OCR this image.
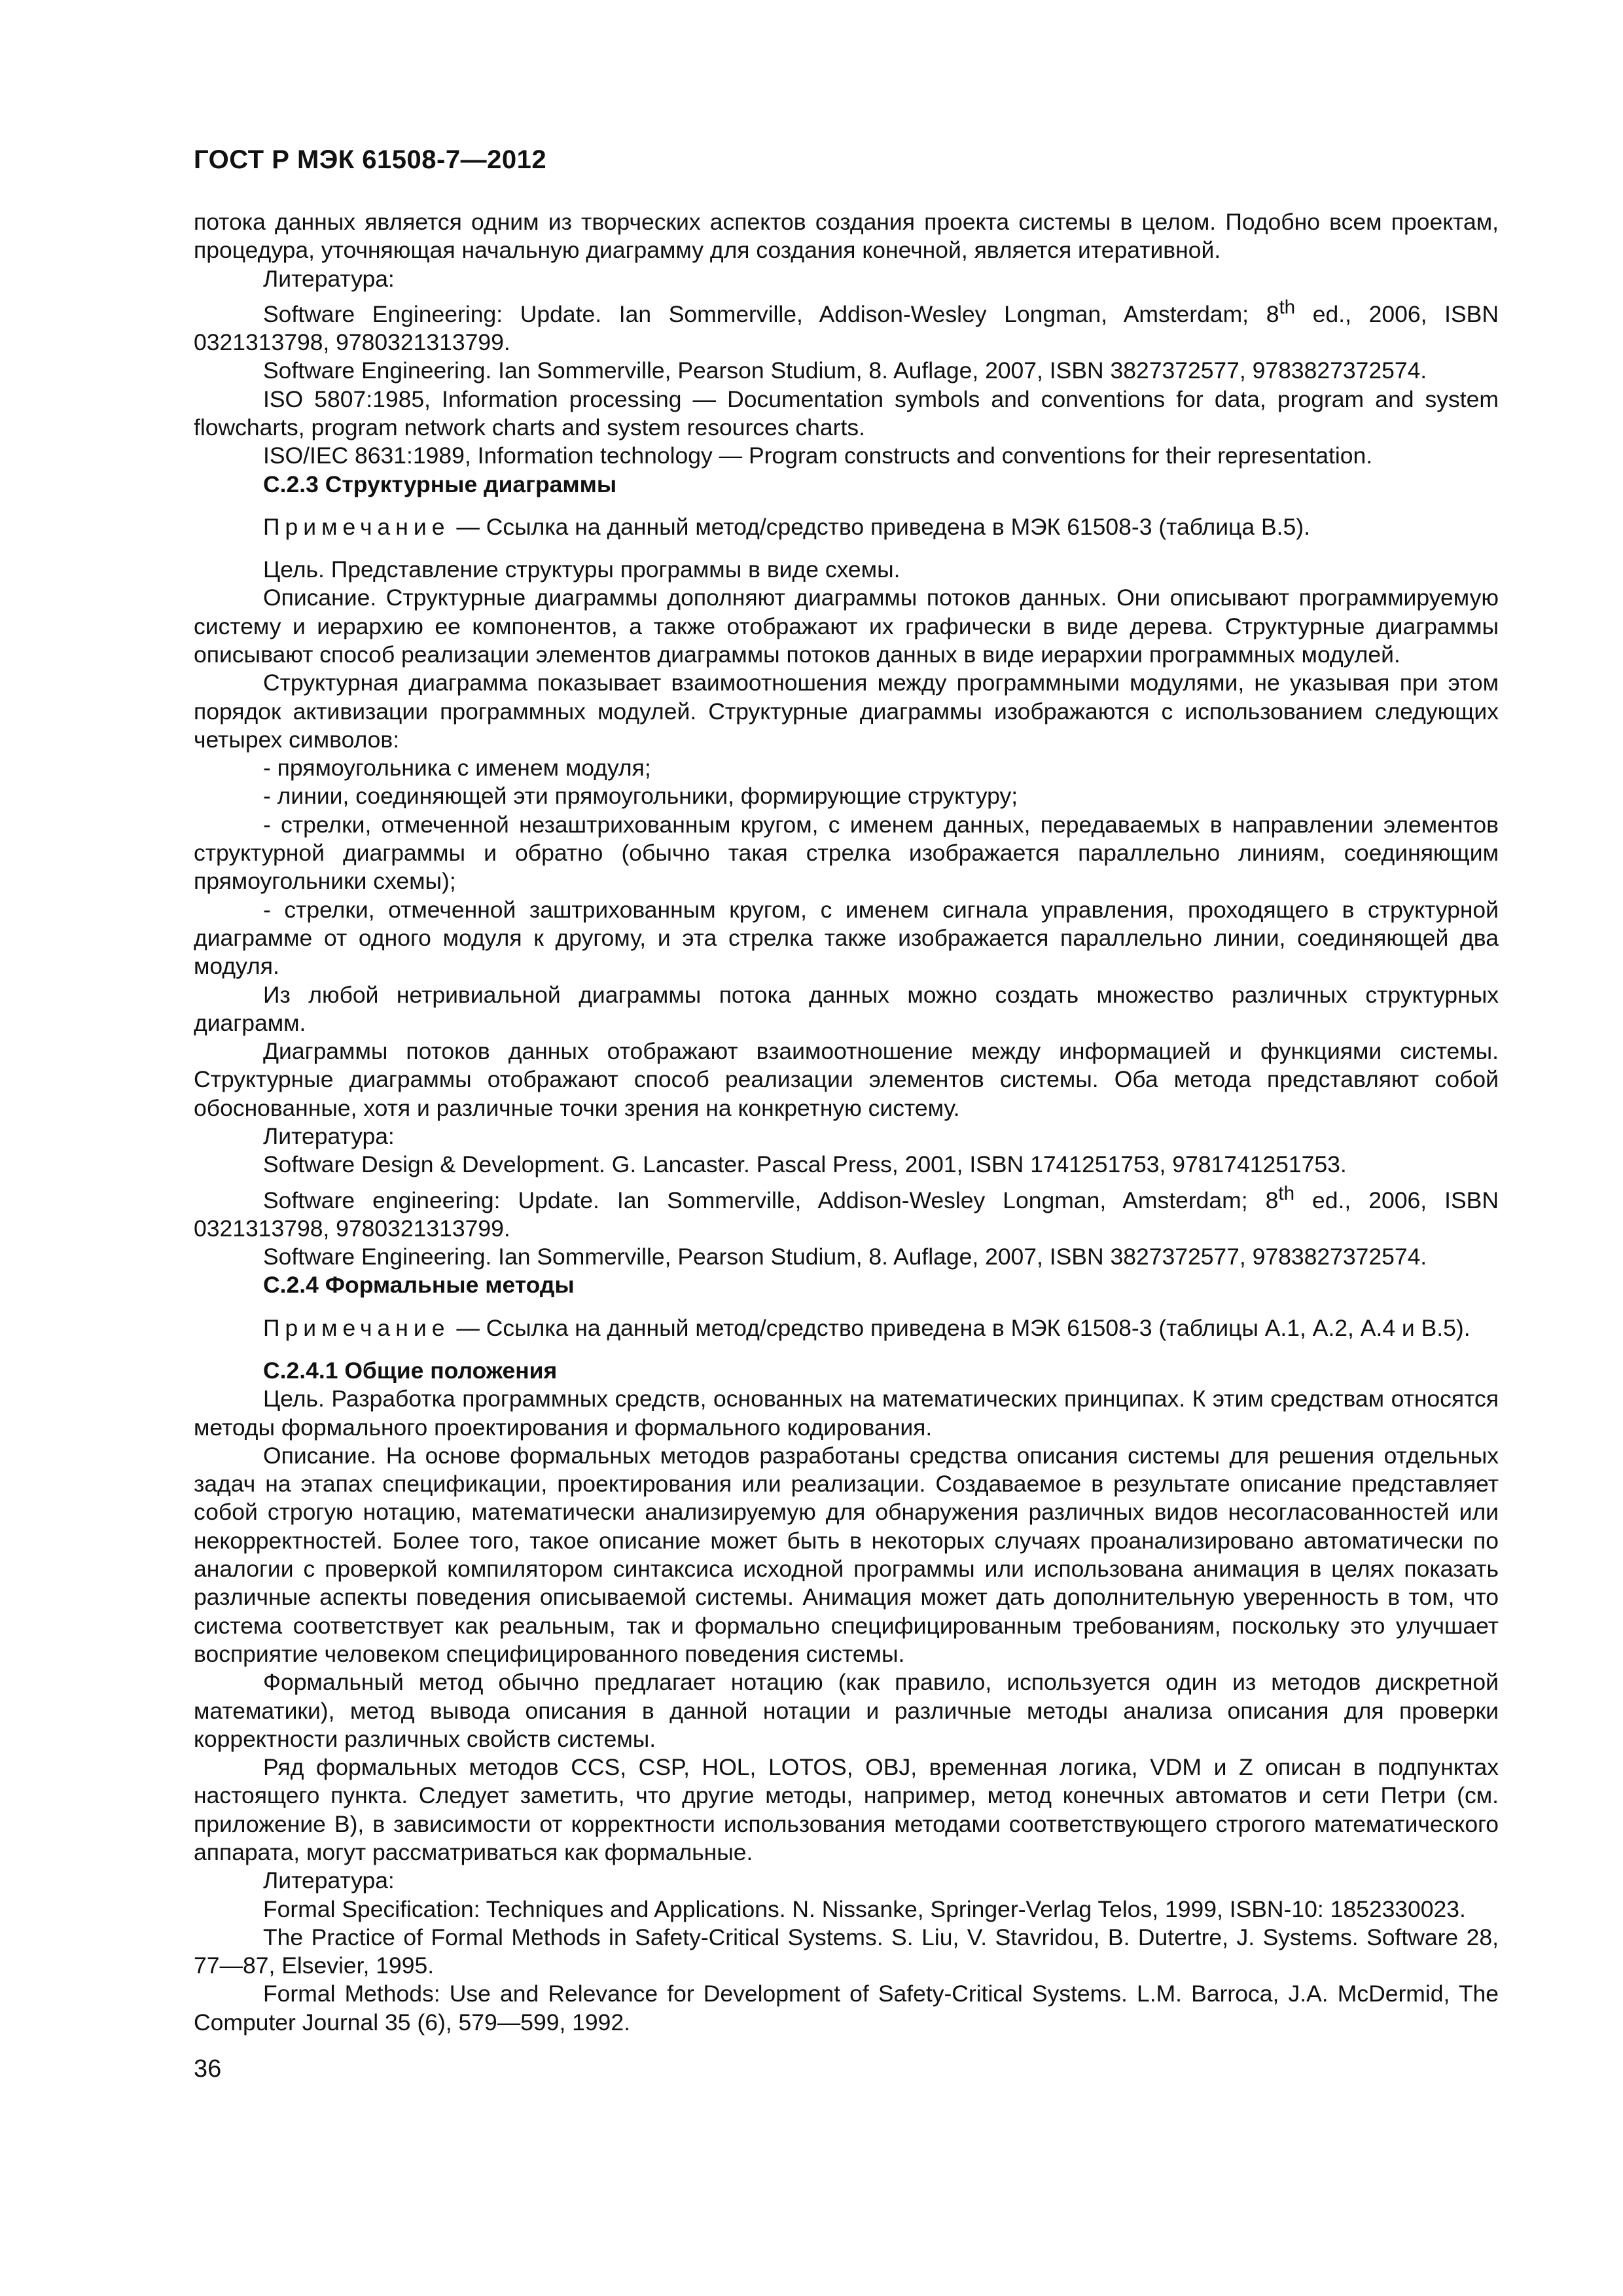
ГОСТ Р МЭК 61508-7—2012

потока данных является одним из творческих аспектов создания проекта системы в целом. Подобно всем проектам, процедура, уточняющая начальную диаграмму для создания конечной, является итеративной.

Литература:

Software Engineering: Update. Ian Sommerville, Addison-Wesley Longman, Amsterdam; 8th ed., 2006, ISBN 0321313798, 9780321313799.

Software Engineering. Ian Sommerville, Pearson Studium, 8. Auflage, 2007, ISBN 3827372577, 9783827372574.

ISO 5807:1985, Information processing — Documentation symbols and conventions for data, program and system flowcharts, program network charts and system resources charts.

ISO/IEC 8631:1989, Information technology — Program constructs and conventions for their representation.

С.2.3 Структурные диаграммы

Примечание — Ссылка на данный метод/средство приведена в МЭК 61508-3 (таблица В.5).

Цель. Представление структуры программы в виде схемы.

Описание. Структурные диаграммы дополняют диаграммы потоков данных. Они описывают программируемую систему и иерархию ее компонентов, а также отображают их графически в виде дерева. Структурные диаграммы описывают способ реализации элементов диаграммы потоков данных в виде иерархии программных модулей.

Структурная диаграмма показывает взаимоотношения между программными модулями, не указывая при этом порядок активизации программных модулей. Структурные диаграммы изображаются с использованием следующих четырех символов:

- прямоугольника с именем модуля;

- линии, соединяющей эти прямоугольники, формирующие структуру;

- стрелки, отмеченной незаштрихованным кругом, с именем данных, передаваемых в направлении элементов структурной диаграммы и обратно (обычно такая стрелка изображается параллельно линиям, соединяющим прямоугольники схемы);

- стрелки, отмеченной заштрихованным кругом, с именем сигнала управления, проходящего в структурной диаграмме от одного модуля к другому, и эта стрелка также изображается параллельно линии, соединяющей два модуля.

Из любой нетривиальной диаграммы потока данных можно создать множество различных структурных диаграмм.

Диаграммы потоков данных отображают взаимоотношение между информацией и функциями системы. Структурные диаграммы отображают способ реализации элементов системы. Оба метода представляют собой обоснованные, хотя и различные точки зрения на конкретную систему.

Литература:

Software Design & Development. G. Lancaster. Pascal Press, 2001, ISBN 1741251753, 9781741251753.

Software engineering: Update. Ian Sommerville, Addison-Wesley Longman, Amsterdam; 8th ed., 2006, ISBN 0321313798, 9780321313799.

Software Engineering. Ian Sommerville, Pearson Studium, 8. Auflage, 2007, ISBN 3827372577, 9783827372574.

С.2.4 Формальные методы

Примечание — Ссылка на данный метод/средство приведена в МЭК 61508-3 (таблицы А.1, А.2, А.4 и В.5).

С.2.4.1 Общие положения

Цель. Разработка программных средств, основанных на математических принципах. К этим средствам относятся методы формального проектирования и формального кодирования.

Описание. На основе формальных методов разработаны средства описания системы для решения отдельных задач на этапах спецификации, проектирования или реализации. Создаваемое в результате описание представляет собой строгую нотацию, математически анализируемую для обнаружения различных видов несогласованностей или некорректностей. Более того, такое описание может быть в некоторых случаях проанализировано автоматически по аналогии с проверкой компилятором синтаксиса исходной программы или использована анимация в целях показать различные аспекты поведения описываемой системы. Анимация может дать дополнительную уверенность в том, что система соответствует как реальным, так и формально специфицированным требованиям, поскольку это улучшает восприятие человеком специфицированного поведения системы.

Формальный метод обычно предлагает нотацию (как правило, используется один из методов дискретной математики), метод вывода описания в данной нотации и различные методы анализа описания для проверки корректности различных свойств системы.

Ряд формальных методов CCS, CSP, HOL, LOTOS, OBJ, временная логика, VDM и Z описан в подпунктах настоящего пункта. Следует заметить, что другие методы, например, метод конечных автоматов и сети Петри (см. приложение В), в зависимости от корректности использования методами соответствующего строгого математического аппарата, могут рассматриваться как формальные.

Литература:

Formal Specification: Techniques and Applications. N. Nissanke, Springer-Verlag Telos, 1999, ISBN-10: 1852330023.

The Practice of Formal Methods in Safety-Critical Systems. S. Liu, V. Stavridou, B. Dutertre, J. Systems. Software 28, 77—87, Elsevier, 1995.

Formal Methods: Use and Relevance for Development of Safety-Critical Systems. L.M. Barroca, J.A. McDermid, The Computer Journal 35 (6), 579—599, 1992.

36
